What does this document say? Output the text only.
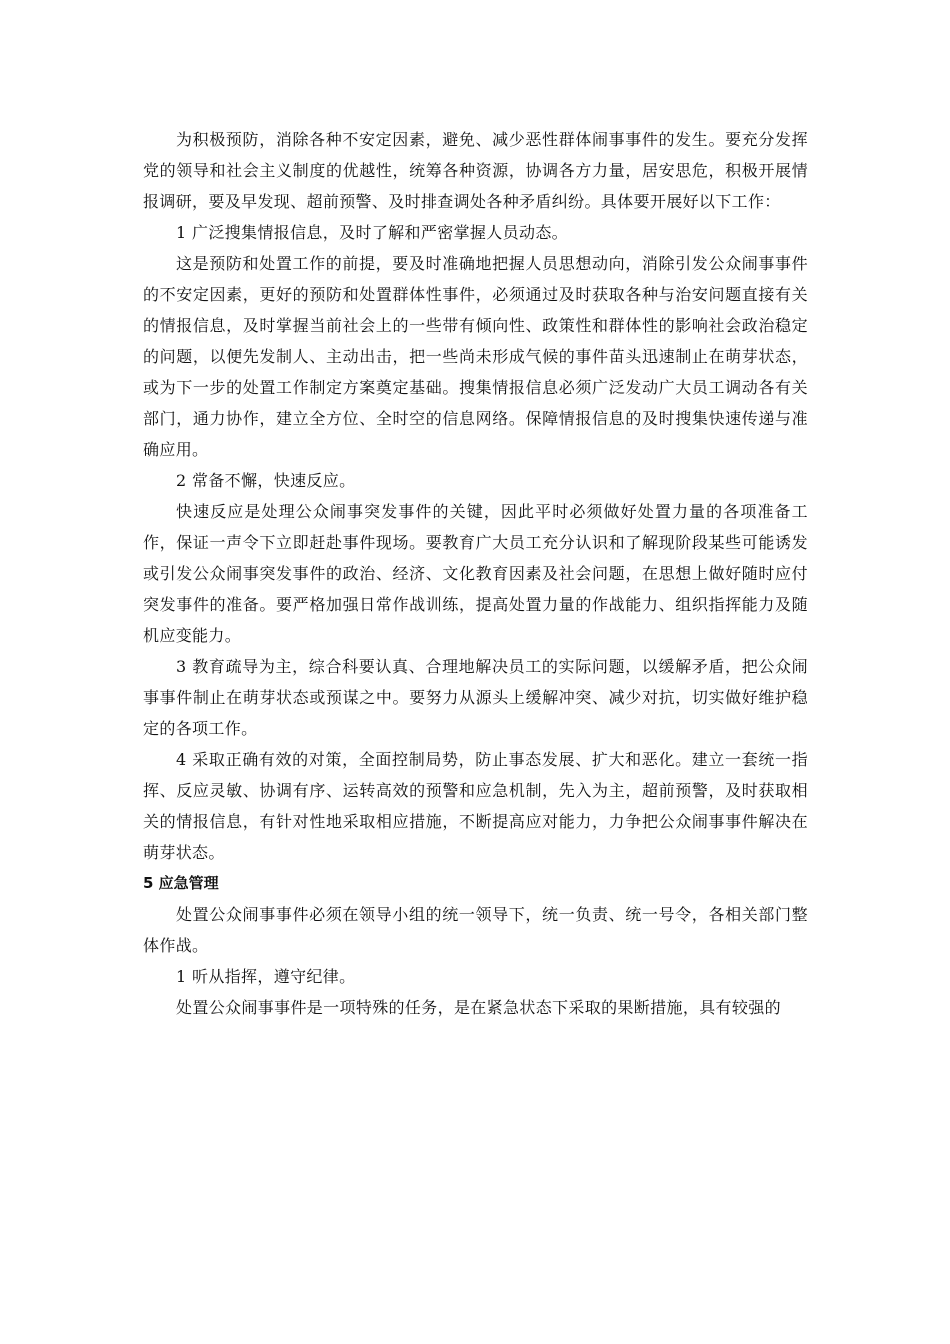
为积极预防，消除各种不安定因素，避免、减少恶性群体闹事事件的发生。要充分发挥党的领导和社会主义制度的优越性，统筹各种资源，协调各方力量，居安思危，积极开展情报调研，要及早发现、超前预警、及时排查调处各种矛盾纠纷。具体要开展好以下工作：

1 广泛搜集情报信息，及时了解和严密掌握人员动态。

这是预防和处置工作的前提，要及时准确地把握人员思想动向，消除引发公众闹事事件的不安定因素，更好的预防和处置群体性事件，必须通过及时获取各种与治安问题直接有关的情报信息，及时掌握当前社会上的一些带有倾向性、政策性和群体性的影响社会政治稳定的问题，以便先发制人、主动出击，把一些尚未形成气候的事件苗头迅速制止在萌芽状态，或为下一步的处置工作制定方案奠定基础。搜集情报信息必须广泛发动广大员工调动各有关部门，通力协作，建立全方位、全时空的信息网络。保障情报信息的及时搜集快速传递与准确应用。

2 常备不懈，快速反应。

快速反应是处理公众闹事突发事件的关键，因此平时必须做好处置力量的各项准备工作，保证一声令下立即赶赴事件现场。要教育广大员工充分认识和了解现阶段某些可能诱发或引发公众闹事突发事件的政治、经济、文化教育因素及社会问题，在思想上做好随时应付突发事件的准备。要严格加强日常作战训练，提高处置力量的作战能力、组织指挥能力及随机应变能力。

3 教育疏导为主，综合科要认真、合理地解决员工的实际问题，以缓解矛盾，把公众闹事事件制止在萌芽状态或预谋之中。要努力从源头上缓解冲突、减少对抗，切实做好维护稳定的各项工作。

4 采取正确有效的对策，全面控制局势，防止事态发展、扩大和恶化。建立一套统一指挥、反应灵敏、协调有序、运转高效的预警和应急机制，先入为主，超前预警，及时获取相关的情报信息，有针对性地采取相应措施，不断提高应对能力，力争把公众闹事事件解决在萌芽状态。

5 应急管理

处置公众闹事事件必须在领导小组的统一领导下，统一负责、统一号令，各相关部门整体作战。

1 听从指挥，遵守纪律。

处置公众闹事事件是一项特殊的任务，是在紧急状态下采取的果断措施，具有较强的
